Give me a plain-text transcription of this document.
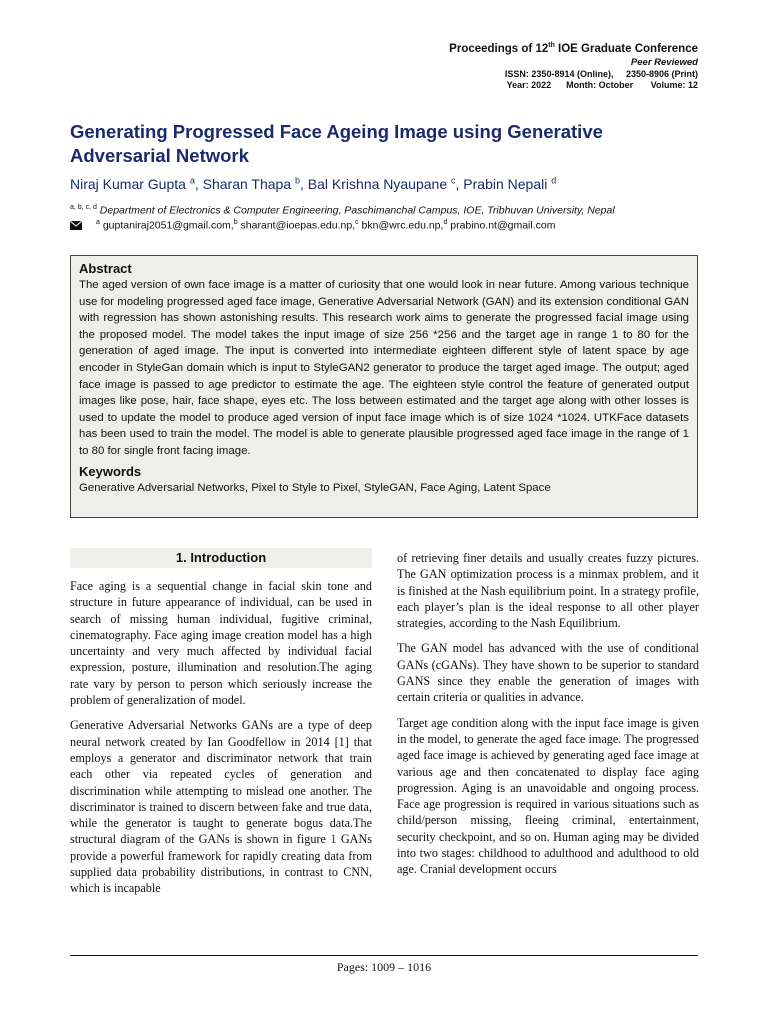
Proceedings of 12th IOE Graduate Conference
Peer Reviewed
ISSN: 2350-8914 (Online),     2350-8906 (Print)
Year: 2022      Month: October       Volume: 12
Generating Progressed Face Ageing Image using Generative Adversarial Network
Niraj Kumar Gupta $^a$, Sharan Thapa $^b$, Bal Krishna Nyaupane $^c$, Prabin Nepali $^d$
$^{a, b, c, d}$ Department of Electronics & Computer Engineering, Paschimanchal Campus, IOE, Tribhuvan University, Nepal
$^a$ guptaniraj2051@gmail.com, $^b$ sharant@ioepas.edu.np, $^c$ bkn@wrc.edu.np, $^d$ prabino.nt@gmail.com
Abstract

The aged version of own face image is a matter of curiosity that one would look in near future. Among various technique use for modeling progressed aged face image, Generative Adversarial Network (GAN) and its extension conditional GAN with regression has shown astonishing results. This research work aims to generate the progressed facial image using the proposed model. The model takes the input image of size 256 *256 and the target age in range 1 to 80 for the generation of aged image. The input is converted into intermediate eighteen different style of latent space by age encoder in StyleGan domain which is input to StyleGAN2 generator to produce the target aged image. The output; aged face image is passed to age predictor to estimate the age. The eighteen style control the feature of generated output images like pose, hair, face shape, eyes etc. The loss between estimated and the target age along with other losses is used to update the model to produce aged version of input face image which is of size 1024 *1024. UTKFace datasets has been used to train the model. The model is able to generate plausible progressed aged face image in the range of 1 to 80 for single front facing image.

Keywords

Generative Adversarial Networks, Pixel to Style to Pixel, StyleGAN, Face Aging, Latent Space

1. Introduction

Face aging is a sequential change in facial skin tone and structure in future appearance of individual, can be used in search of missing human individual, fugitive criminal, cinematography. Face aging image creation model has a high uncertainty and very much affected by individual facial expression, posture, illumination and resolution.The aging rate vary by person to person which seriously increase the problem of generalization of model.

Generative Adversarial Networks GANs are a type of deep neural network created by Ian Goodfellow in 2014 [1] that employs a generator and discriminator network that train each other via repeated cycles of generation and discrimination while attempting to mislead one another. The discriminator is trained to discern between fake and true data, while the generator is taught to generate bogus data.The structural diagram of the GANs is shown in figure 1 GANs provide a powerful framework for rapidly creating data from supplied data probability distributions, in contrast to CNN, which is incapable

of retrieving finer details and usually creates fuzzy pictures. The GAN optimization process is a minmax problem, and it is finished at the Nash equilibrium point. In a strategy profile, each player’s plan is the ideal response to all other player strategies, according to the Nash Equilibrium.

The GAN model has advanced with the use of conditional GANs (cGANs). They have shown to be superior to standard GANS since they enable the generation of images with certain criteria or qualities in advance.

Target age condition along with the input face image is given in the model, to generate the aged face image. The progressed aged face image is achieved by generating aged face image at various age and then concatenated to display face aging progression. Aging is an unavoidable and ongoing process. Face age progression is required in various situations such as child/person missing, fleeing criminal, entertainment, security checkpoint, and so on. Human aging may be divided into two stages: childhood to adulthood and adulthood to old age. Cranial development occurs

Pages: 1009 – 1016
